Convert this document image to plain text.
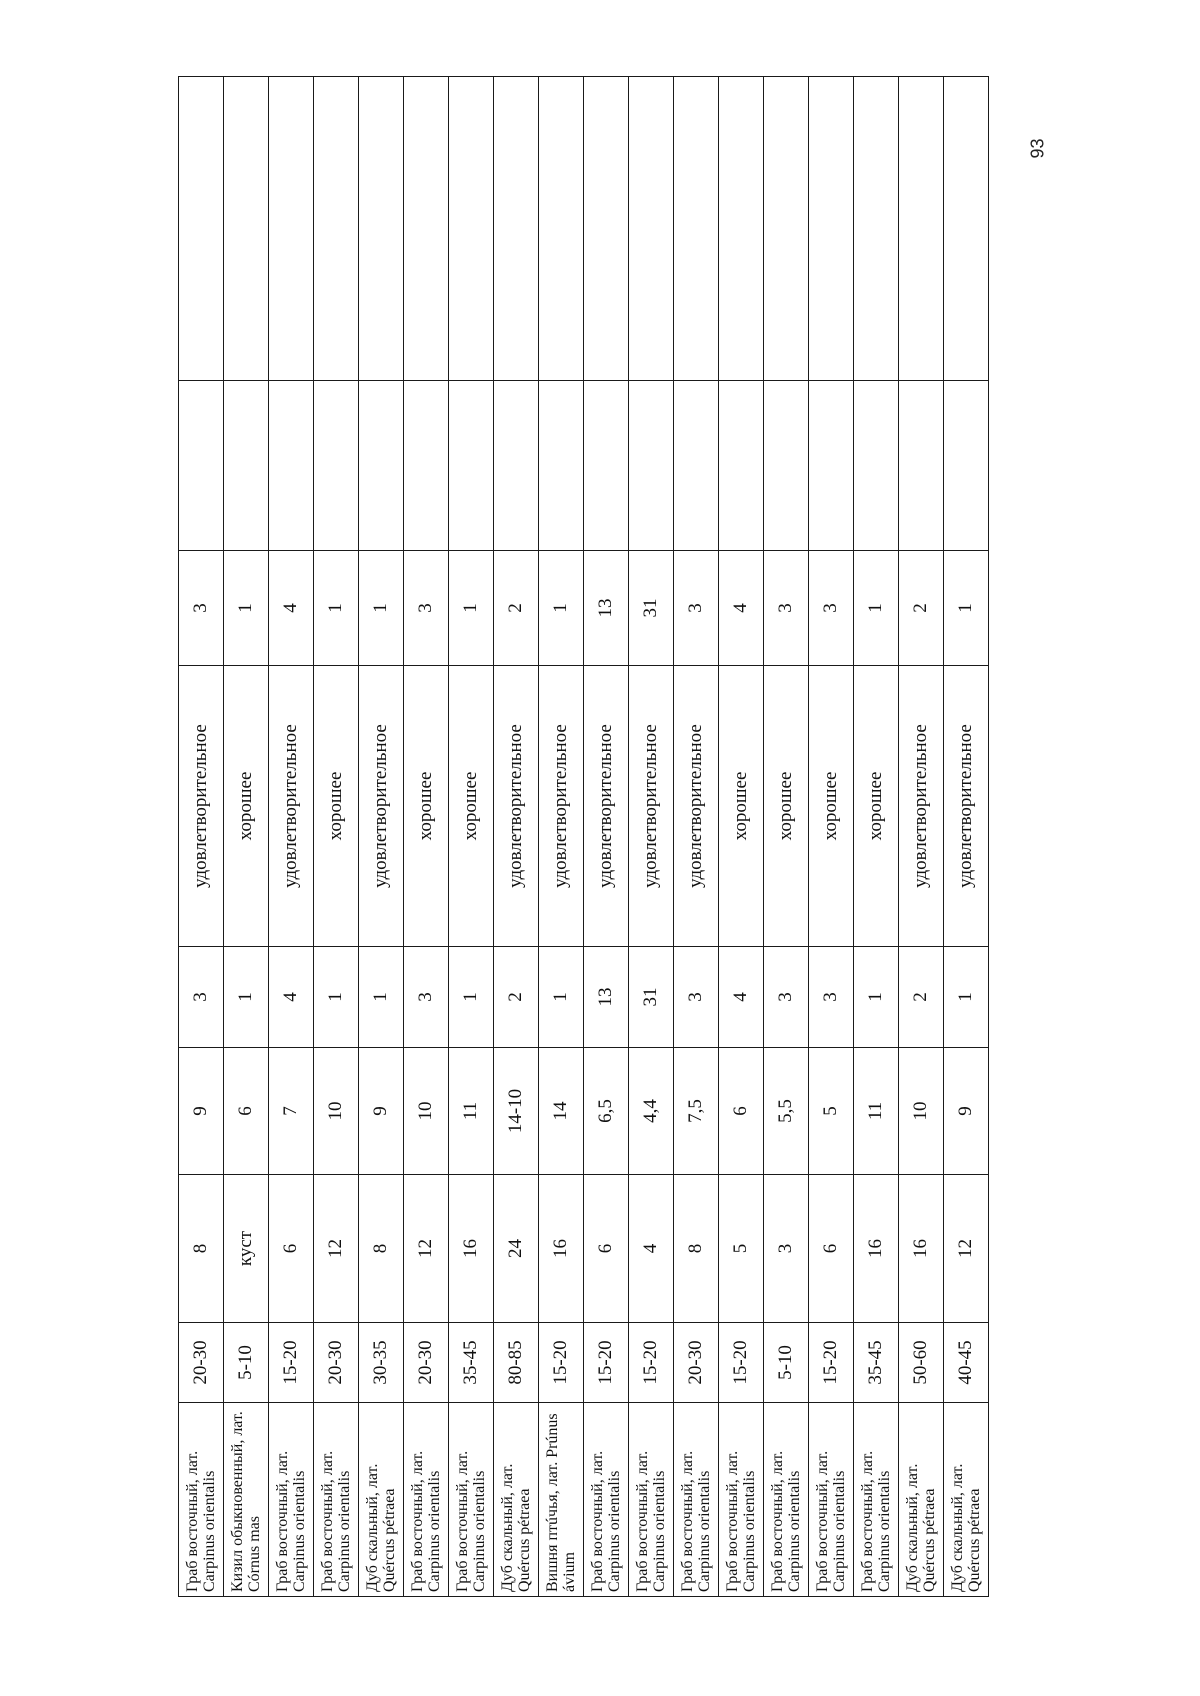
Граб восточный, лат. Carpinus orientalis	20-30	8	9	3	удовлетворительное	3		
Кизил обыкновенный, лат. Córnus mas	5-10	куст	6	1	хорошее	1		
Граб восточный, лат. Carpinus orientalis	15-20	6	7	4	удовлетворительное	4		
Граб восточный, лат. Carpinus orientalis	20-30	12	10	1	хорошее	1		
Дуб скальный, лат. Quércus pétraea	30-35	8	9	1	удовлетворительное	1		
Граб восточный, лат. Carpinus orientalis	20-30	12	10	3	хорошее	3		
Граб восточный, лат. Carpinus orientalis	35-45	16	11	1	хорошее	1		
Дуб скальный, лат. Quércus pétraea	80-85	24	14-10	2	удовлетворительное	2		
Вишня птúчья, лат. Prúnus ávium	15-20	16	14	1	удовлетворительное	1		
Граб восточный, лат. Carpinus orientalis	15-20	6	6,5	13	удовлетворительное	13		
Граб восточный, лат. Carpinus orientalis	15-20	4	4,4	31	удовлетворительное	31		
Граб восточный, лат. Carpinus orientalis	20-30	8	7,5	3	удовлетворительное	3		
Граб восточный, лат. Carpinus orientalis	15-20	5	6	4	хорошее	4		
Граб восточный, лат. Carpinus orientalis	5-10	3	5,5	3	хорошее	3		
Граб восточный, лат. Carpinus orientalis	15-20	6	5	3	хорошее	3		
Граб восточный, лат. Carpinus orientalis	35-45	16	11	1	хорошее	1		
Дуб скальный, лат. Quércus pétraea	50-60	16	10	2	удовлетворительное	2		
Дуб скальный, лат. Quércus pétraea	40-45	12	9	1	удовлетворительное	1		
93
